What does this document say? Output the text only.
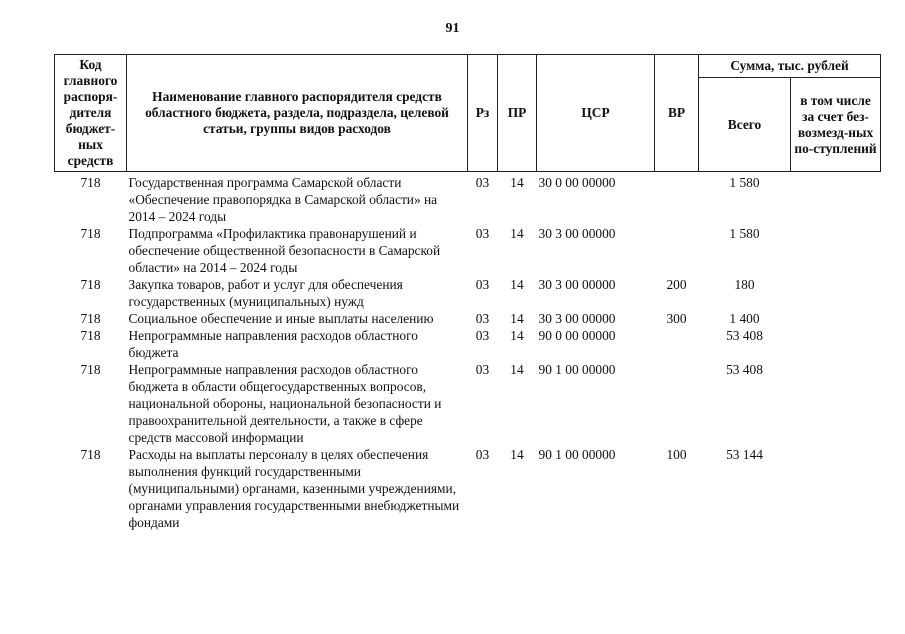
91
Код главного распоря-дителя бюджет-ных средств	Наименование главного распорядителя средств областного бюджета, раздела, подраздела, целевой статьи, группы видов расходов	Рз	ПР	ЦСР	ВР	Сумма, тыс. рублей	
						Всего	в том числе за счет без-возмезд-ных по-ступлений
718	Государственная программа Самарской области «Обеспечение правопорядка в Самарской области» на 2014 – 2024 годы	03	14	30 0 00 00000		1 580	
718	Подпрограмма «Профилактика правонарушений и обеспечение общественной безопасности в Самарской области» на 2014 – 2024 годы	03	14	30 3 00 00000		1 580	
718	Закупка товаров, работ и услуг для обеспечения государственных (муниципальных) нужд	03	14	30 3 00 00000	200	180	
718	Социальное обеспечение и иные выплаты населению	03	14	30 3 00 00000	300	1 400	
718	Непрограммные направления расходов областного бюджета	03	14	90 0 00 00000		53 408	
718	Непрограммные направления расходов областного бюджета в области общегосударственных вопросов, национальной обороны, национальной безопасности и правоохранительной деятельности, а также в сфере средств массовой информации	03	14	90 1 00 00000		53 408	
718	Расходы на выплаты персоналу в целях обеспечения выполнения функций государственными (муниципальными) органами, казенными учреждениями, органами управления государственными внебюджетными фондами	03	14	90 1 00 00000	100	53 144	
